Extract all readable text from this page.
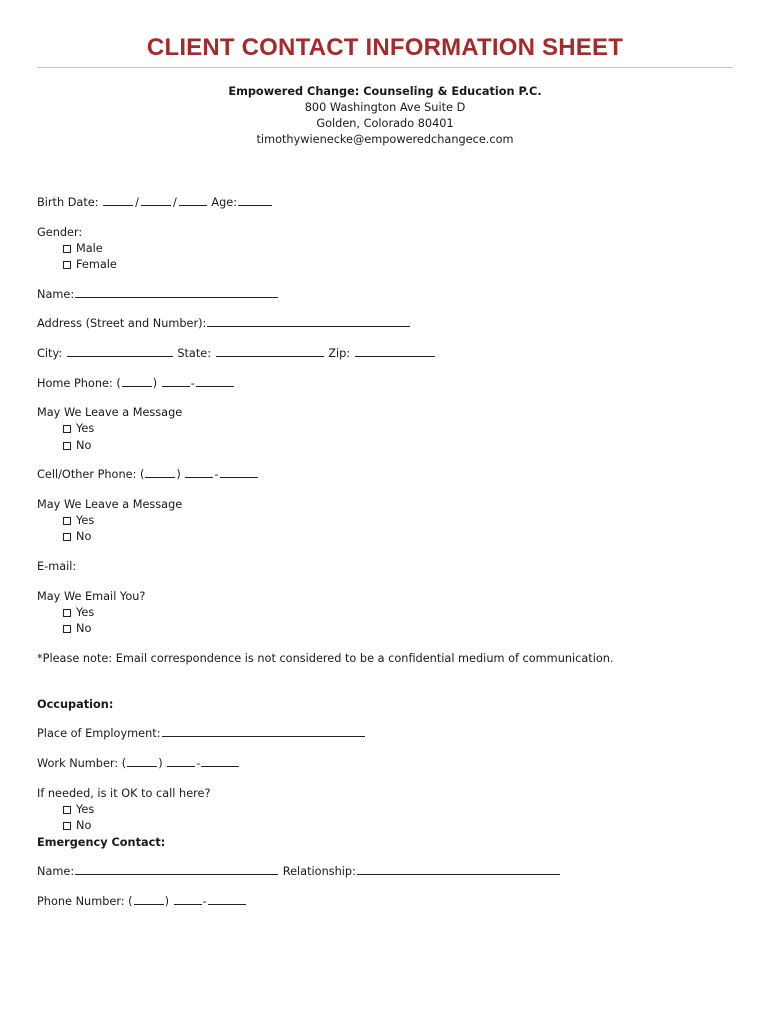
CLIENT CONTACT INFORMATION SHEET
Empowered Change: Counseling & Education P.C.
800 Washington Ave Suite D
Golden, Colorado 80401
timothywienecke@empoweredchangece.com
Birth Date:	/	/	Age:
Gender:
Male
Female
Name:
Address (Street and Number):
City:	State:	Zip:
Home Phone: (	)	-
May We Leave a Message
Yes
No
Cell/Other Phone: (	)	-
May We Leave a Message
Yes
No
E-mail:
May We Email You?
Yes
No
*Please note: Email correspondence is not considered to be a confidential medium of communication.
Occupation:
Place of Employment:
Work Number: (	)	-
If needed, is it OK to call here?
Yes
No
Emergency Contact:
Name:	Relationship:
Phone Number: (	)	-
